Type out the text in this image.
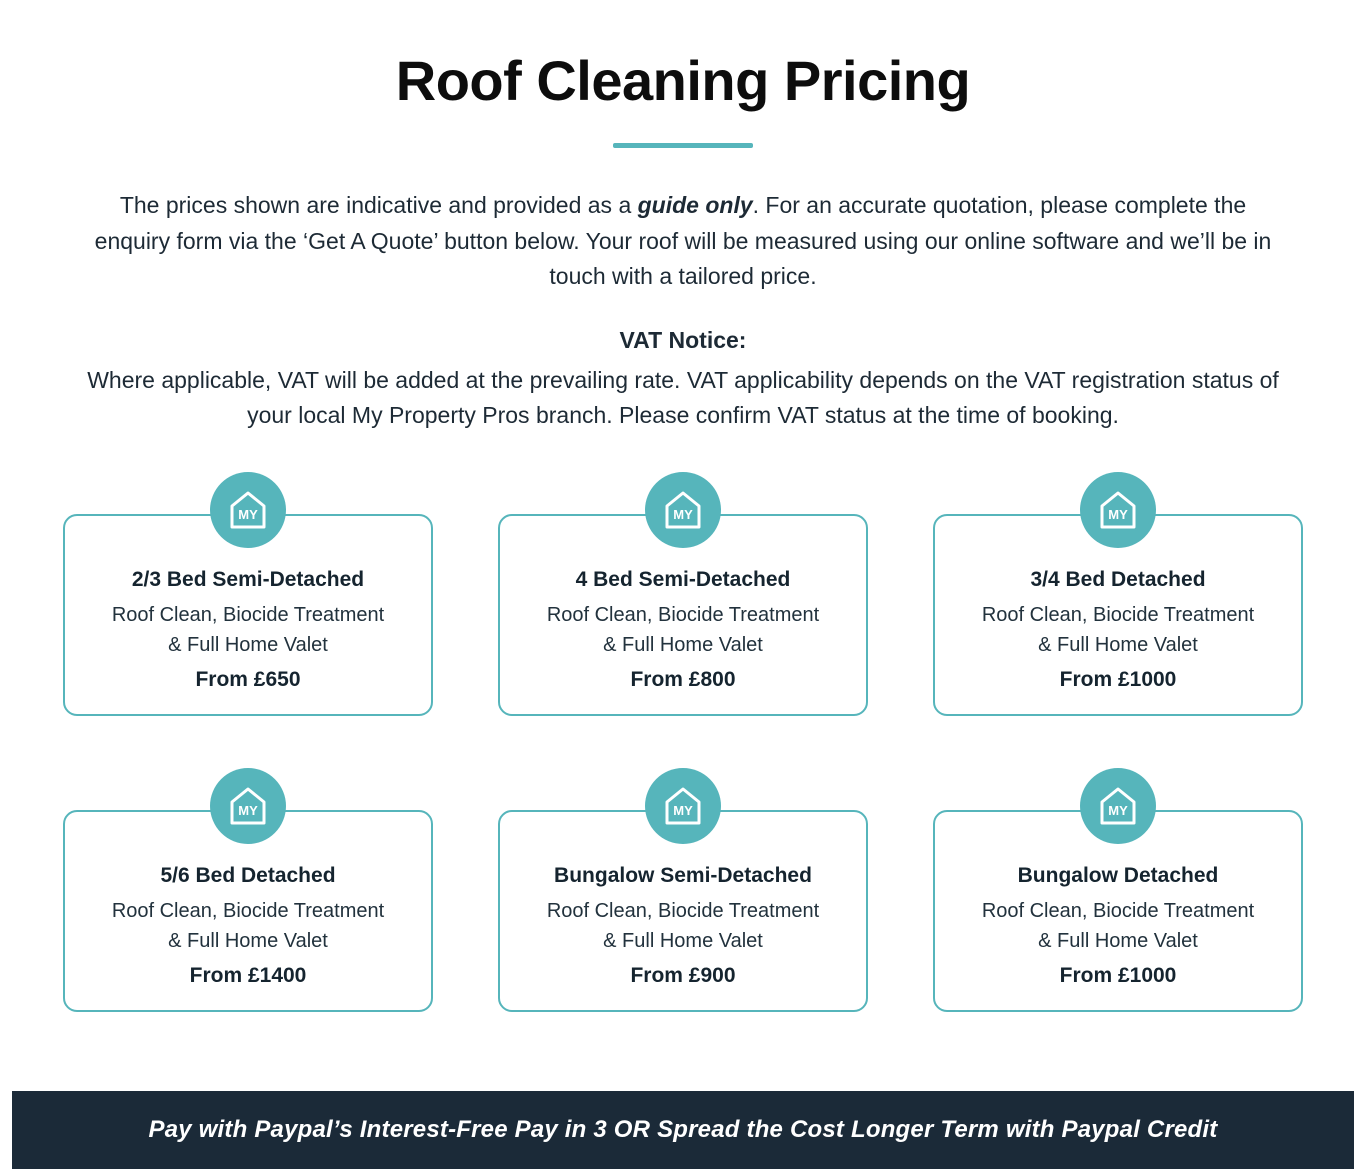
Roof Cleaning Pricing

The prices shown are indicative and provided as a guide only. For an accurate quotation, please complete the enquiry form via the ‘Get A Quote’ button below. Your roof will be measured using our online software and we’ll be in touch with a tailored price.

VAT Notice:
Where applicable, VAT will be added at the prevailing rate. VAT applicability depends on the VAT registration status of your local My Property Pros branch. Please confirm VAT status at the time of booking.
MY
2/3 Bed Semi-Detached
Roof Clean, Biocide Treatment
& Full Home Valet
From £650
MY
4 Bed Semi-Detached
Roof Clean, Biocide Treatment
& Full Home Valet
From £800
MY
3/4 Bed Detached
Roof Clean, Biocide Treatment
& Full Home Valet
From £1000
MY
5/6 Bed Detached
Roof Clean, Biocide Treatment
& Full Home Valet
From £1400
MY
Bungalow Semi-Detached
Roof Clean, Biocide Treatment
& Full Home Valet
From £900
MY
Bungalow Detached
Roof Clean, Biocide Treatment
& Full Home Valet
From £1000
Pay with Paypal’s Interest-Free Pay in 3 OR Spread the Cost Longer Term with Paypal Credit
